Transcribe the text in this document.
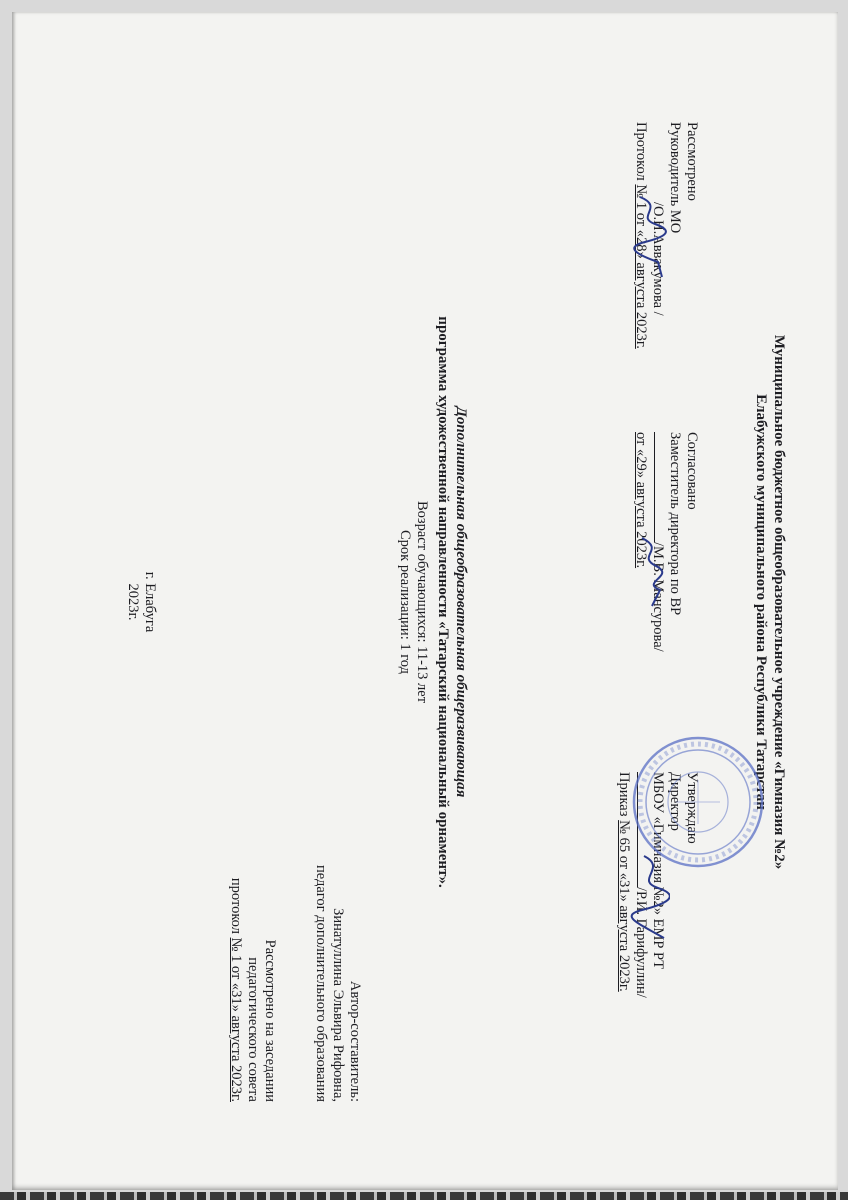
Муниципальное бюджетное общеобразовательное учреждение «Гимназия №2»
Елабужского муниципального района Республики Татарстан
Рассмотрено
Руководитель МО
/О.Н.Аввакумова /
Протокол № 1 от «28» августа 2023г.
Согласовано
Заместитель директора по ВР
/М.В. Мансурова/
от «29» августа 2023г.
Утверждаю
Директор
МБОУ «Гимназия №2» ЕМР РТ
/Р.И. Гарифуллин/
Приказ № 65 от «31» августа 2023г.
Дополнительная общеобразовательная общеразвивающая
программа художественной направленности «Татарский национальный орнамент».
Возраст обучающихся: 11-13 лет
Срок реализации: 1 год
Автор-составитель:
Зинатуллина Эльвира Рифовна,
педагог дополнительного образования
Рассмотрено на заседании
педагогического совета
протокол № 1 от «31» августа 2023г.
г. Елабуга
2023г.
